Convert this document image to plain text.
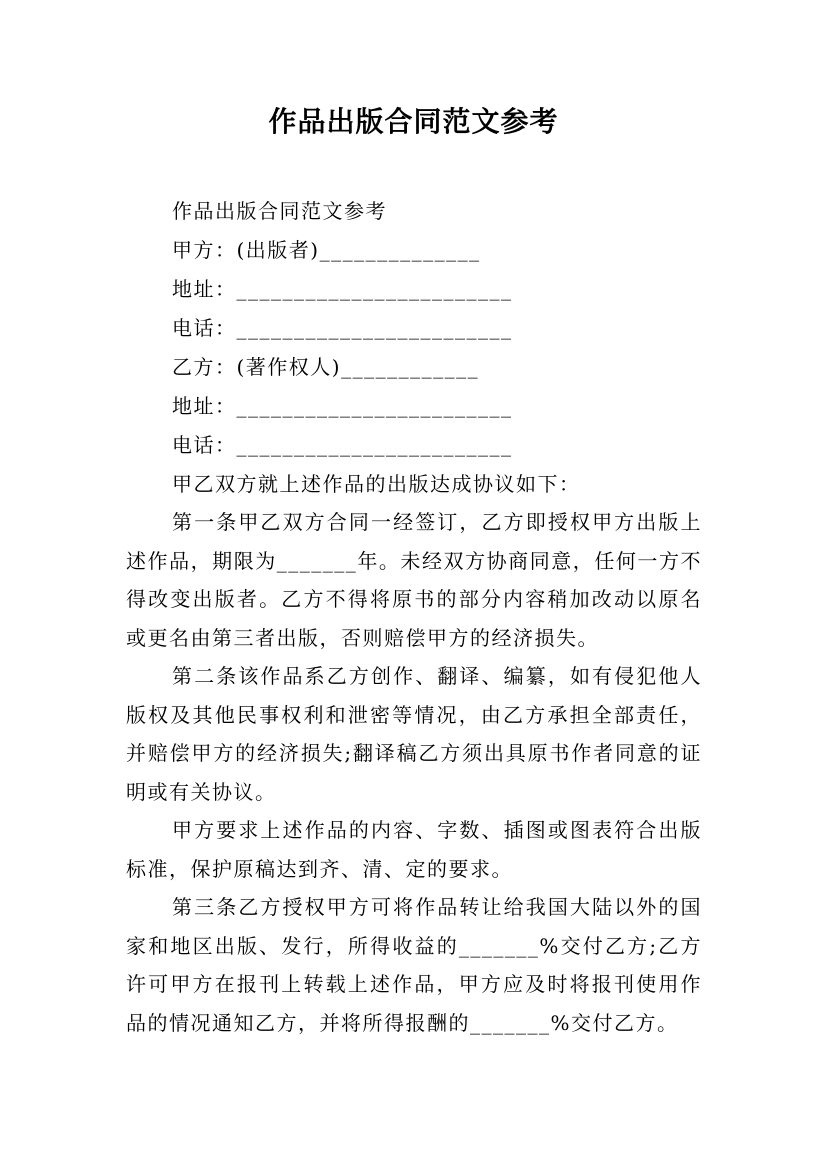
作品出版合同范文参考
作品出版合同范文参考
甲方：(出版者)______________
地址：________________________
电话：________________________
乙方：(著作权人)____________
地址：________________________
电话：________________________
甲乙双方就上述作品的出版达成协议如下：
第一条甲乙双方合同一经签订，乙方即授权甲方出版上述作品，期限为_______年。未经双方协商同意，任何一方不得改变出版者。乙方不得将原书的部分内容稍加改动以原名或更名由第三者出版，否则赔偿甲方的经济损失。
第二条该作品系乙方创作、翻译、编纂，如有侵犯他人版权及其他民事权利和泄密等情况，由乙方承担全部责任，并赔偿甲方的经济损失;翻译稿乙方须出具原书作者同意的证明或有关协议。
甲方要求上述作品的内容、字数、插图或图表符合出版标准，保护原稿达到齐、清、定的要求。
第三条乙方授权甲方可将作品转让给我国大陆以外的国家和地区出版、发行，所得收益的_______%交付乙方;乙方许可甲方在报刊上转载上述作品，甲方应及时将报刊使用作品的情况通知乙方，并将所得报酬的_______%交付乙方。
